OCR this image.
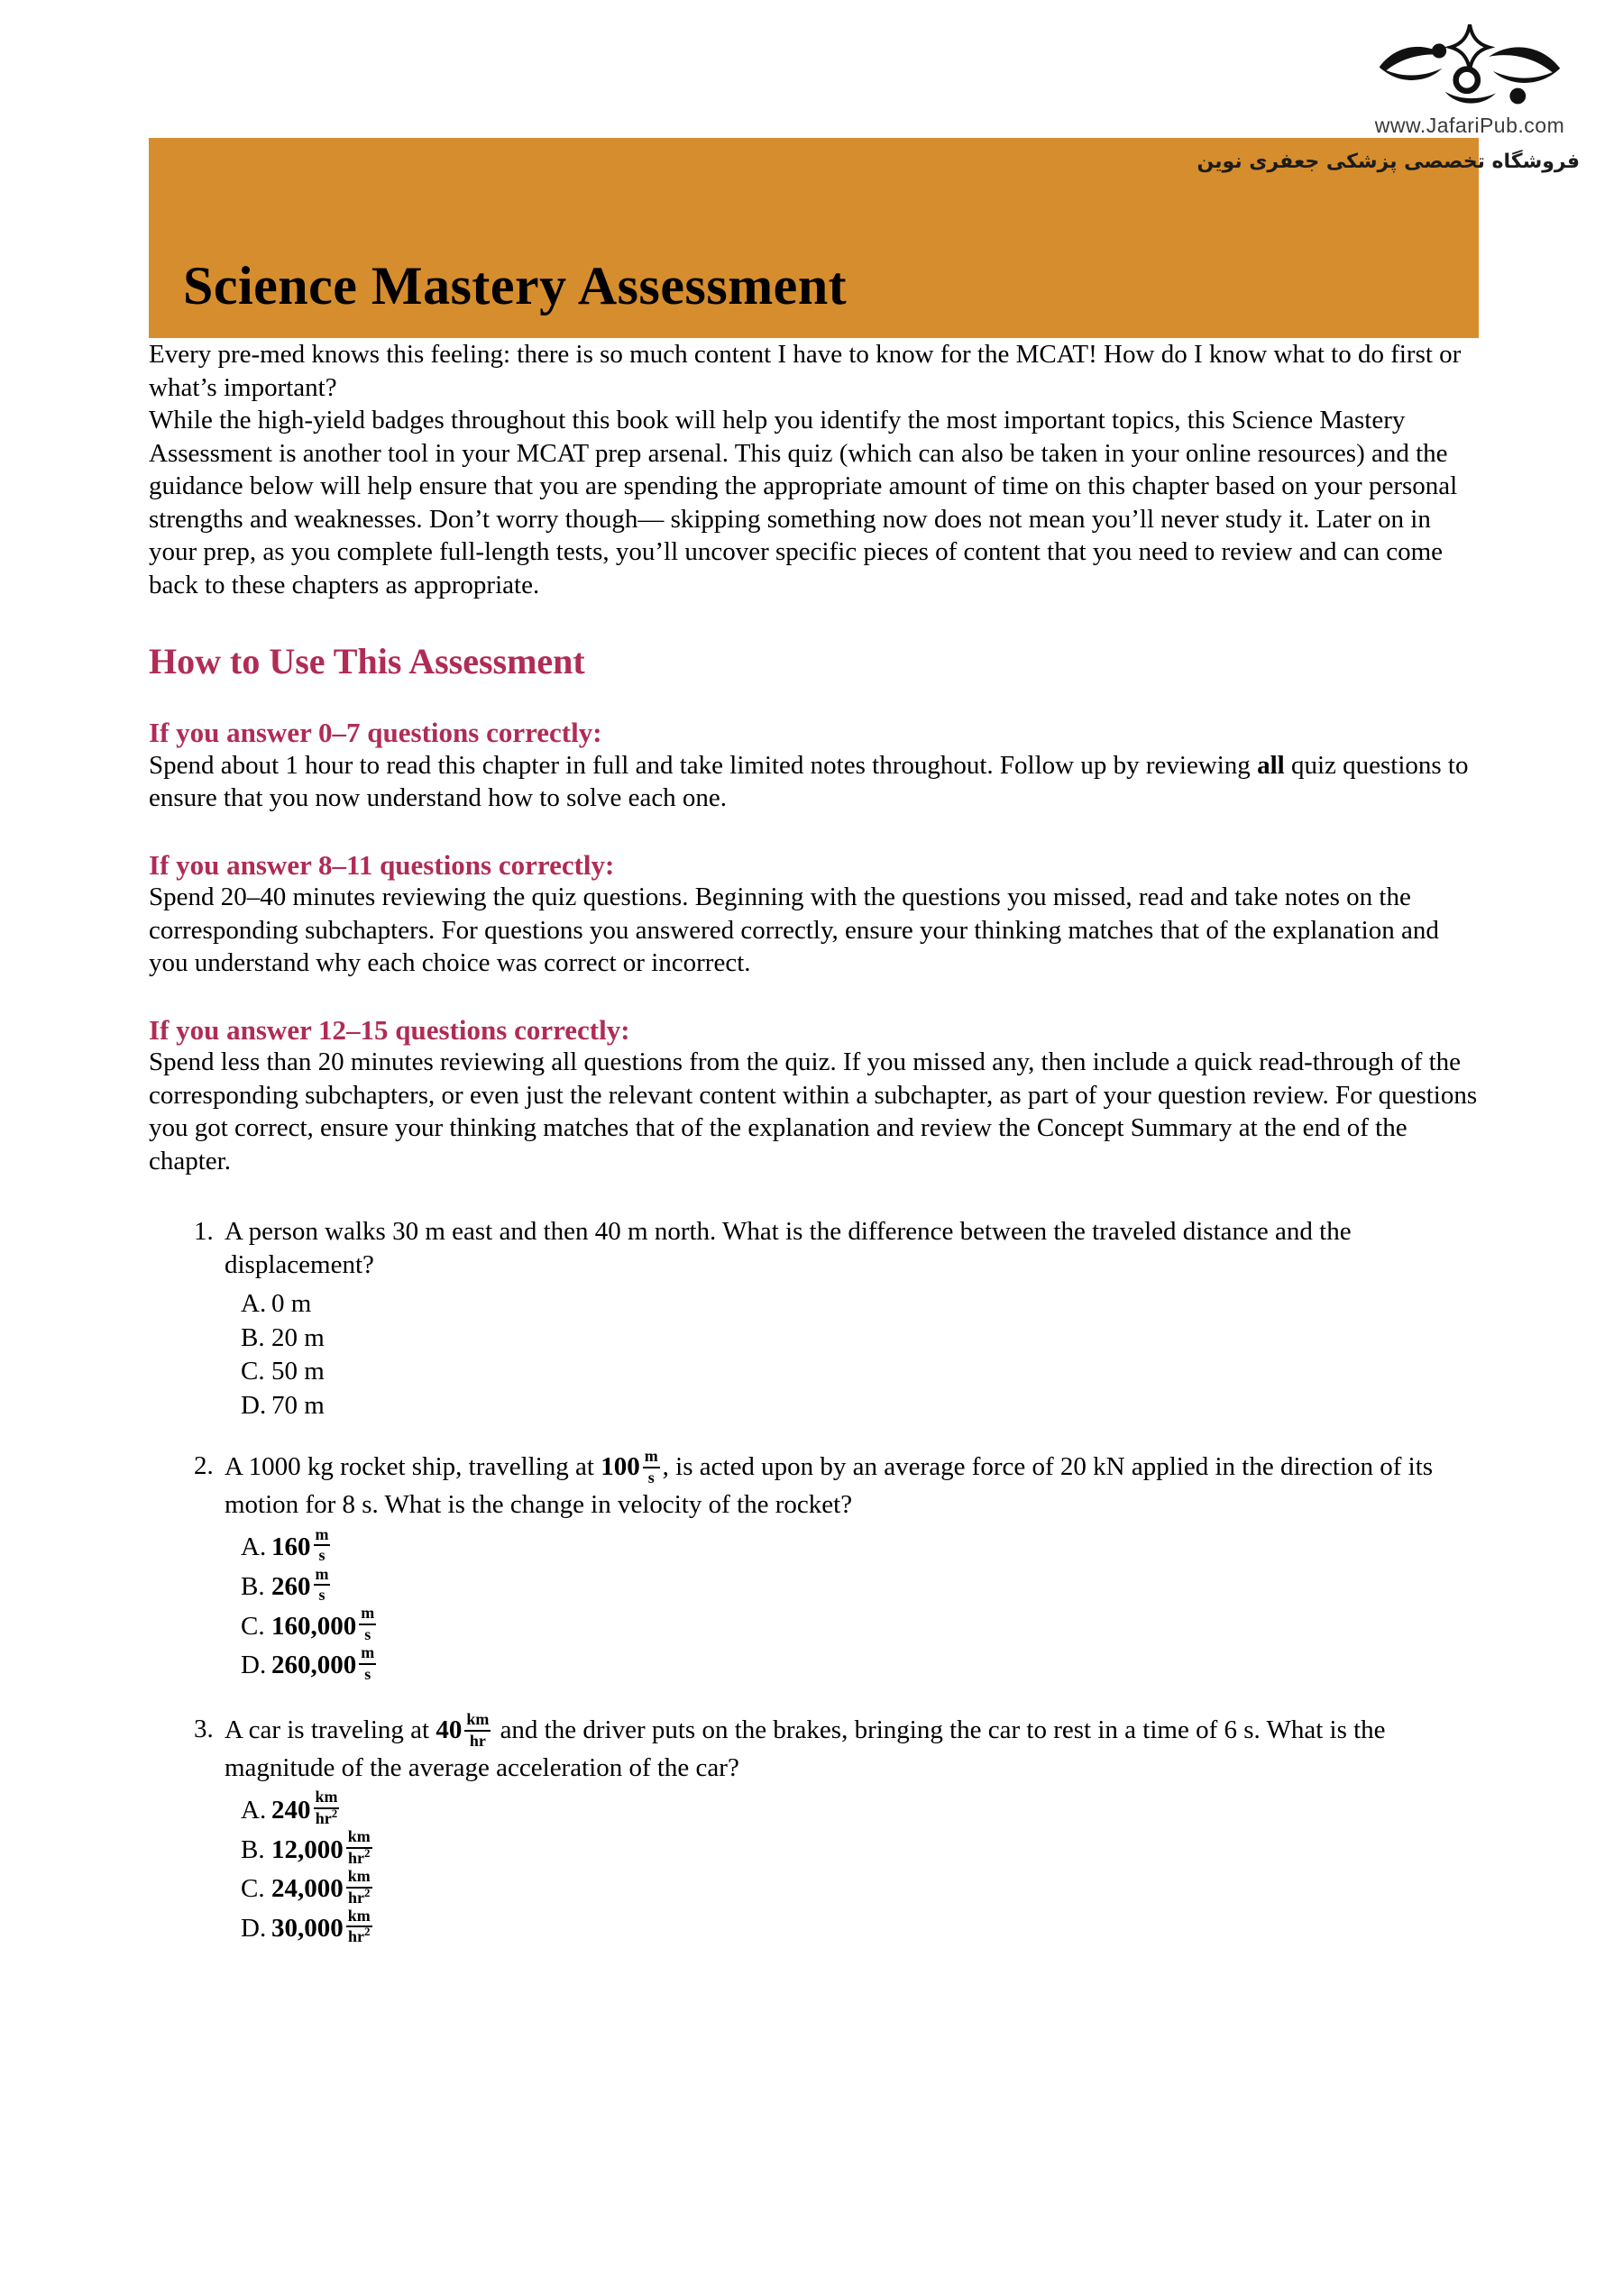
www.JafariPub.com
فروشگاه تخصصی پزشکی جعفری نوین
Science Mastery Assessment

Every pre-med knows this feeling: there is so much content I have to know for the MCAT! How do I know what to do first or what’s important?

While the high-yield badges throughout this book will help you identify the most important topics, this Science Mastery Assessment is another tool in your MCAT prep arsenal. This quiz (which can also be taken in your online resources) and the guidance below will help ensure that you are spending the appropriate amount of time on this chapter based on your personal strengths and weaknesses. Don’t worry though— skipping something now does not mean you’ll never study it. Later on in your prep, as you complete full-length tests, you’ll uncover specific pieces of content that you need to review and can come back to these chapters as appropriate.

How to Use This Assessment
If you answer 0–7 questions correctly:

Spend about 1 hour to read this chapter in full and take limited notes throughout. Follow up by reviewing all quiz questions to ensure that you now understand how to solve each one.

If you answer 8–11 questions correctly:

Spend 20–40 minutes reviewing the quiz questions. Beginning with the questions you missed, read and take notes on the corresponding subchapters. For questions you answered correctly, ensure your thinking matches that of the explanation and you understand why each choice was correct or incorrect.

If you answer 12–15 questions correctly:

Spend less than 20 minutes reviewing all questions from the quiz. If you missed any, then include a quick read-through of the corresponding subchapters, or even just the relevant content within a subchapter, as part of your question review. For questions you got correct, ensure your thinking matches that of the explanation and review the Concept Summary at the end of the chapter.

1. A person walks 30 m east and then 40 m north. What is the difference between the traveled distance and the displacement?
A. 0 m
B. 20 m
C. 50 m
D. 70 m
2. A 1000 kg rocket ship, travelling at $100 \frac{m}{s}$ , is acted upon by an average force of 20 kN applied in the direction of its motion for 8 s. What is the change in velocity of the rocket?
A. $160 \frac{m}{s}$
B. $260 \frac{m}{s}$
C. $160,000 \frac{m}{s}$
D. $260,000 \frac{m}{s}$
3. A car is traveling at $40 \frac{km}{hr}$ and the driver puts on the brakes, bringing the car to rest in a time of 6 s. What is the magnitude of the average acceleration of the car?
A. $240 \frac{km}{hr^2}$
B. $12,000 \frac{km}{hr^2}$
C. $24,000 \frac{km}{hr^2}$
D. $30,000 \frac{km}{hr^2}$
